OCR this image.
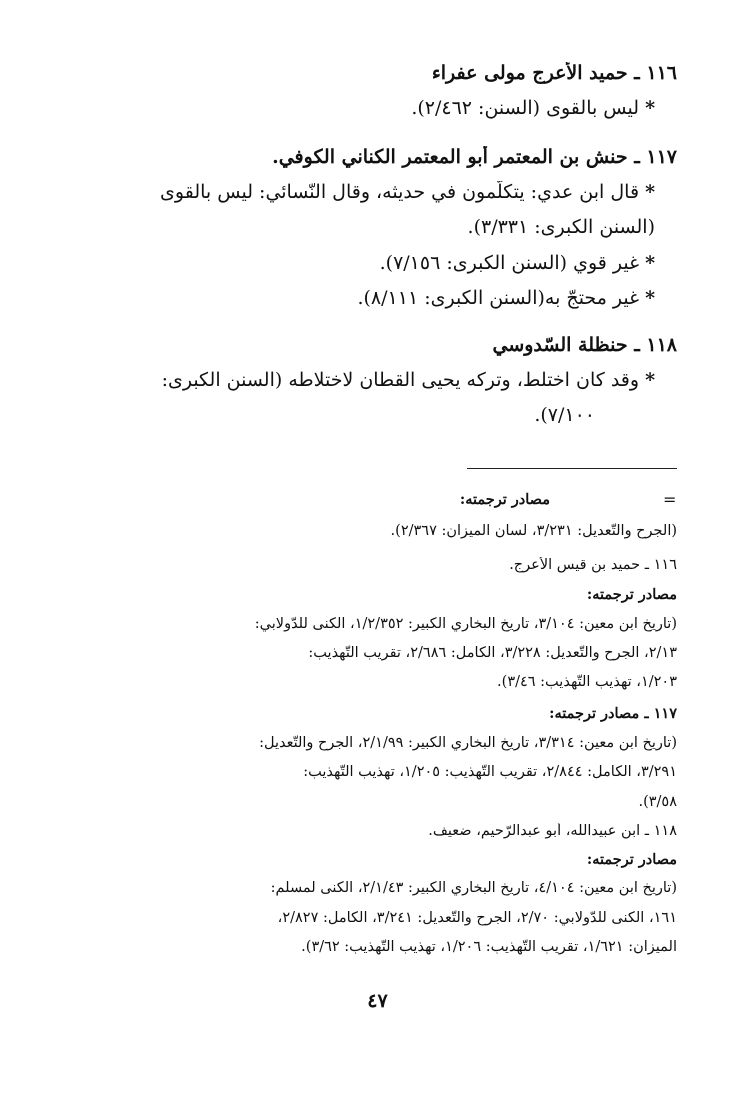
١١٦ ـ حميد الأعرج مولى عفراء
*ليس بالقوى (السنن: ٢/٤٦٢).
١١٧ ـ حنش بن المعتمر أبو المعتمر الكناني الكوفي.
*قال ابن عدي: يتكلّمون في حديثه، وقال النّسائي: ليس بالقوى
(السنن الكبرى: ٣/٣٣١).
*غير قوي (السنن الكبرى: ٧/١٥٦).
*غير محتجّ به(السنن الكبرى: ٨/١١١).
١١٨ ـ حنظلة السّدوسي
*وقد كان اختلط، وتركه يحيى القطان لاختلاطه (السنن الكبرى:
٧/١٠٠).
=
مصادر ترجمته:
(الجرح والتّعديل: ٣/٢٣١، لسان الميزان: ٢/٣٦٧).
١١٦ ـ حميد بن قيس الأعرج.
مصادر ترجمته:
(تاريخ ابن معين: ٣/١٠٤، تاريخ البخاري الكبير: ١/٢/٣٥٢، الكنى للدّولابي:
٢/١٣، الجرح والتّعديل: ٣/٢٢٨، الكامل: ٢/٦٨٦، تقريب التّهذيب:
١/٢٠٣، تهذيب التّهذيب: ٣/٤٦).
١١٧ ـ مصادر ترجمته:
(تاريخ ابن معين: ٣/٣١٤، تاريخ البخاري الكبير: ٢/١/٩٩، الجرح والتّعديل:
٣/٢٩١، الكامل: ٢/٨٤٤، تقريب التّهذيب: ١/٢٠٥، تهذيب التّهذيب:
٣/٥٨).
١١٨ ـ ابن عبيدالله، أبو عبدالرّحيم، ضعيف.
مصادر ترجمته:
(تاريخ ابن معين: ٤/١٠٤، تاريخ البخاري الكبير: ٢/١/٤٣، الكنى لمسلم:
١٦١، الكنى للدّولابي: ٢/٧٠، الجرح والتّعديل: ٣/٢٤١، الكامل: ٢/٨٢٧،
الميزان: ١/٦٢١، تقريب التّهذيب: ١/٢٠٦، تهذيب التّهذيب: ٣/٦٢).
٤٧
